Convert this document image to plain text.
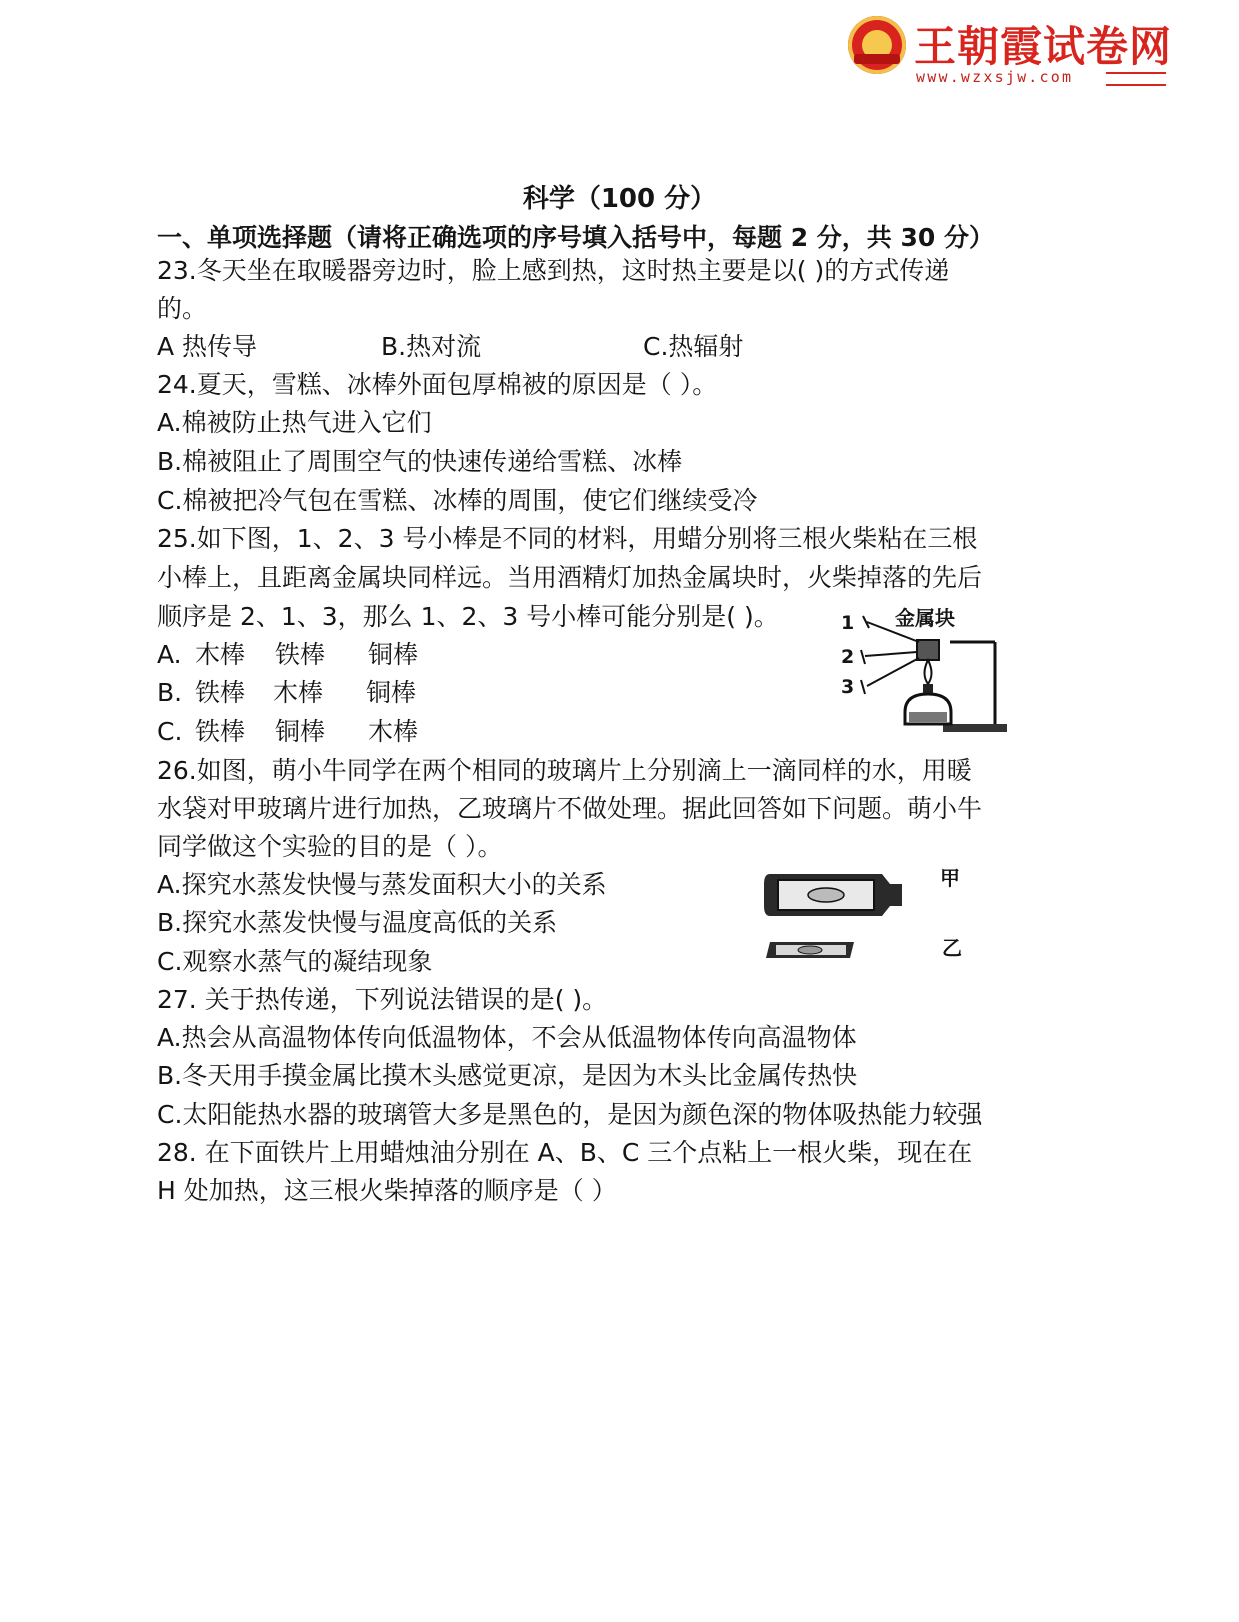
王朝霞试卷网
www.wzxsjw.com
科学（100 分）
一、单项选择题（请将正确选项的序号填入括号中，每题 2 分，共 30 分）
23.冬天坐在取暖器旁边时，脸上感到热，这时热主要是以( )的方式传递
的。
A 热传导	B.热对流	C.热辐射
24.夏天，雪糕、冰棒外面包厚棉被的原因是（ ）。
A.棉被防止热气进入它们
B.棉被阻止了周围空气的快速传递给雪糕、冰棒
C.棉被把冷气包在雪糕、冰棒的周围，使它们继续受冷
25.如下图，1、2、3 号小棒是不同的材料，用蜡分别将三根火柴粘在三根
小棒上，且距离金属块同样远。当用酒精灯加热金属块时，火柴掉落的先后
顺序是 2、1、3，那么 1、2、3 号小棒可能分别是( )。
A. 木棒 铁棒 铜棒
B. 铁棒 木棒 铜棒
C. 铁棒 铜棒 木棒
1
2
3
金属块
26.如图，萌小牛同学在两个相同的玻璃片上分别滴上一滴同样的水，用暖
水袋对甲玻璃片进行加热，乙玻璃片不做处理。据此回答如下问题。萌小牛
同学做这个实验的目的是（ ）。
A.探究水蒸发快慢与蒸发面积大小的关系
B.探究水蒸发快慢与温度高低的关系
C.观察水蒸气的凝结现象
甲
乙
27. 关于热传递，下列说法错误的是( )。
A.热会从高温物体传向低温物体，不会从低温物体传向高温物体
B.冬天用手摸金属比摸木头感觉更凉，是因为木头比金属传热快
C.太阳能热水器的玻璃管大多是黑色的，是因为颜色深的物体吸热能力较强
28. 在下面铁片上用蜡烛油分别在 A、B、C 三个点粘上一根火柴，现在在
H 处加热，这三根火柴掉落的顺序是（ ）
